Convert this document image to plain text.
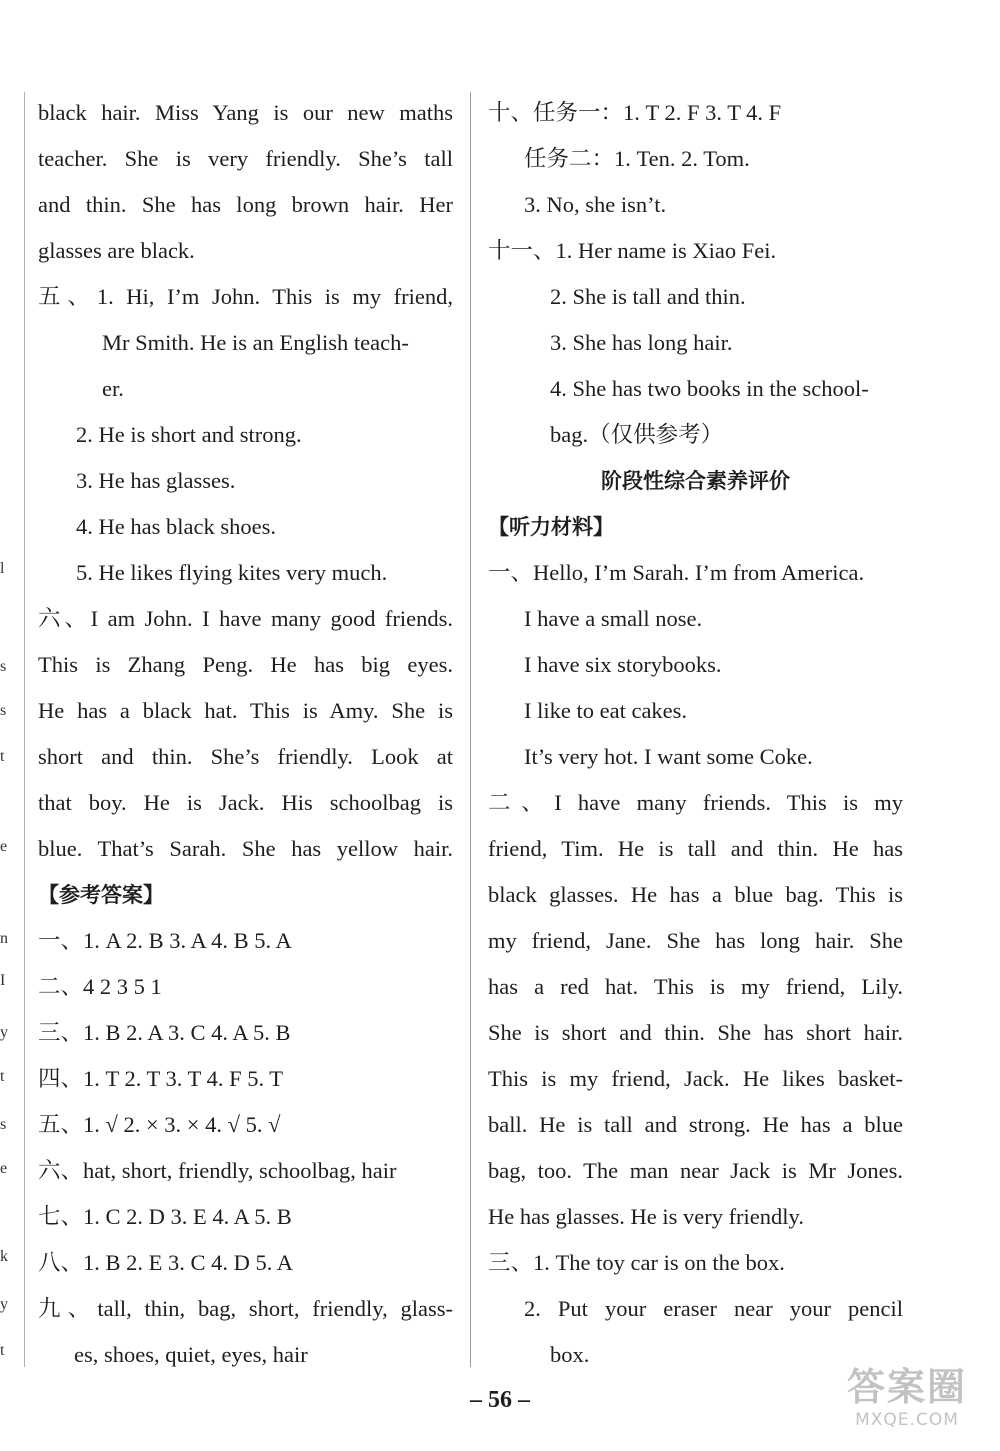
l
s
s
t
e
n
I
y
t
s
e
k
y
t
black hair. Miss Yang is our new maths
teacher. She is very friendly. She’s tall
and thin. She has long brown hair. Her
glasses are black.
五、1. Hi, I’m John. This is my friend,
Mr Smith. He is an English teach-
er.
2. He is short and strong.
3. He has glasses.
4. He has black shoes.
5. He likes flying kites very much.
六、I am John. I have many good friends.
This is Zhang Peng. He has big eyes.
He has a black hat. This is Amy. She is
short and thin. She’s friendly. Look at
that boy. He is Jack. His schoolbag is
blue. That’s Sarah. She has yellow hair.
【参考答案】
一、1. A 2. B 3. A 4. B 5. A
二、4 2 3 5 1
三、1. B 2. A 3. C 4. A 5. B
四、1. T 2. T 3. T 4. F 5. T
五、1. √ 2. × 3. × 4. √ 5. √
六、hat, short, friendly, schoolbag, hair
七、1. C 2. D 3. E 4. A 5. B
八、1. B 2. E 3. C 4. D 5. A
九、tall, thin, bag, short, friendly, glass-
es, shoes, quiet, eyes, hair
十、任务一：1. T 2. F 3. T 4. F
任务二：1. Ten. 2. Tom.
3. No, she isn’t.
十一、1. Her name is Xiao Fei.
2. She is tall and thin.
3. She has long hair.
4. She has two books in the school-
bag.（仅供参考）
阶段性综合素养评价
【听力材料】
一、Hello, I’m Sarah. I’m from America.
I have a small nose.
I have six storybooks.
I like to eat cakes.
It’s very hot. I want some Coke.
二、I have many friends. This is my
friend, Tim. He is tall and thin. He has
black glasses. He has a blue bag. This is
my friend, Jane. She has long hair. She
has a red hat. This is my friend, Lily.
She is short and thin. She has short hair.
This is my friend, Jack. He likes basket-
ball. He is tall and strong. He has a blue
bag, too. The man near Jack is Mr Jones.
He has glasses. He is very friendly.
三、1. The toy car is on the box.
2. Put your eraser near your pencil
box.
– 56 –	答案圈
MXQE.COM
